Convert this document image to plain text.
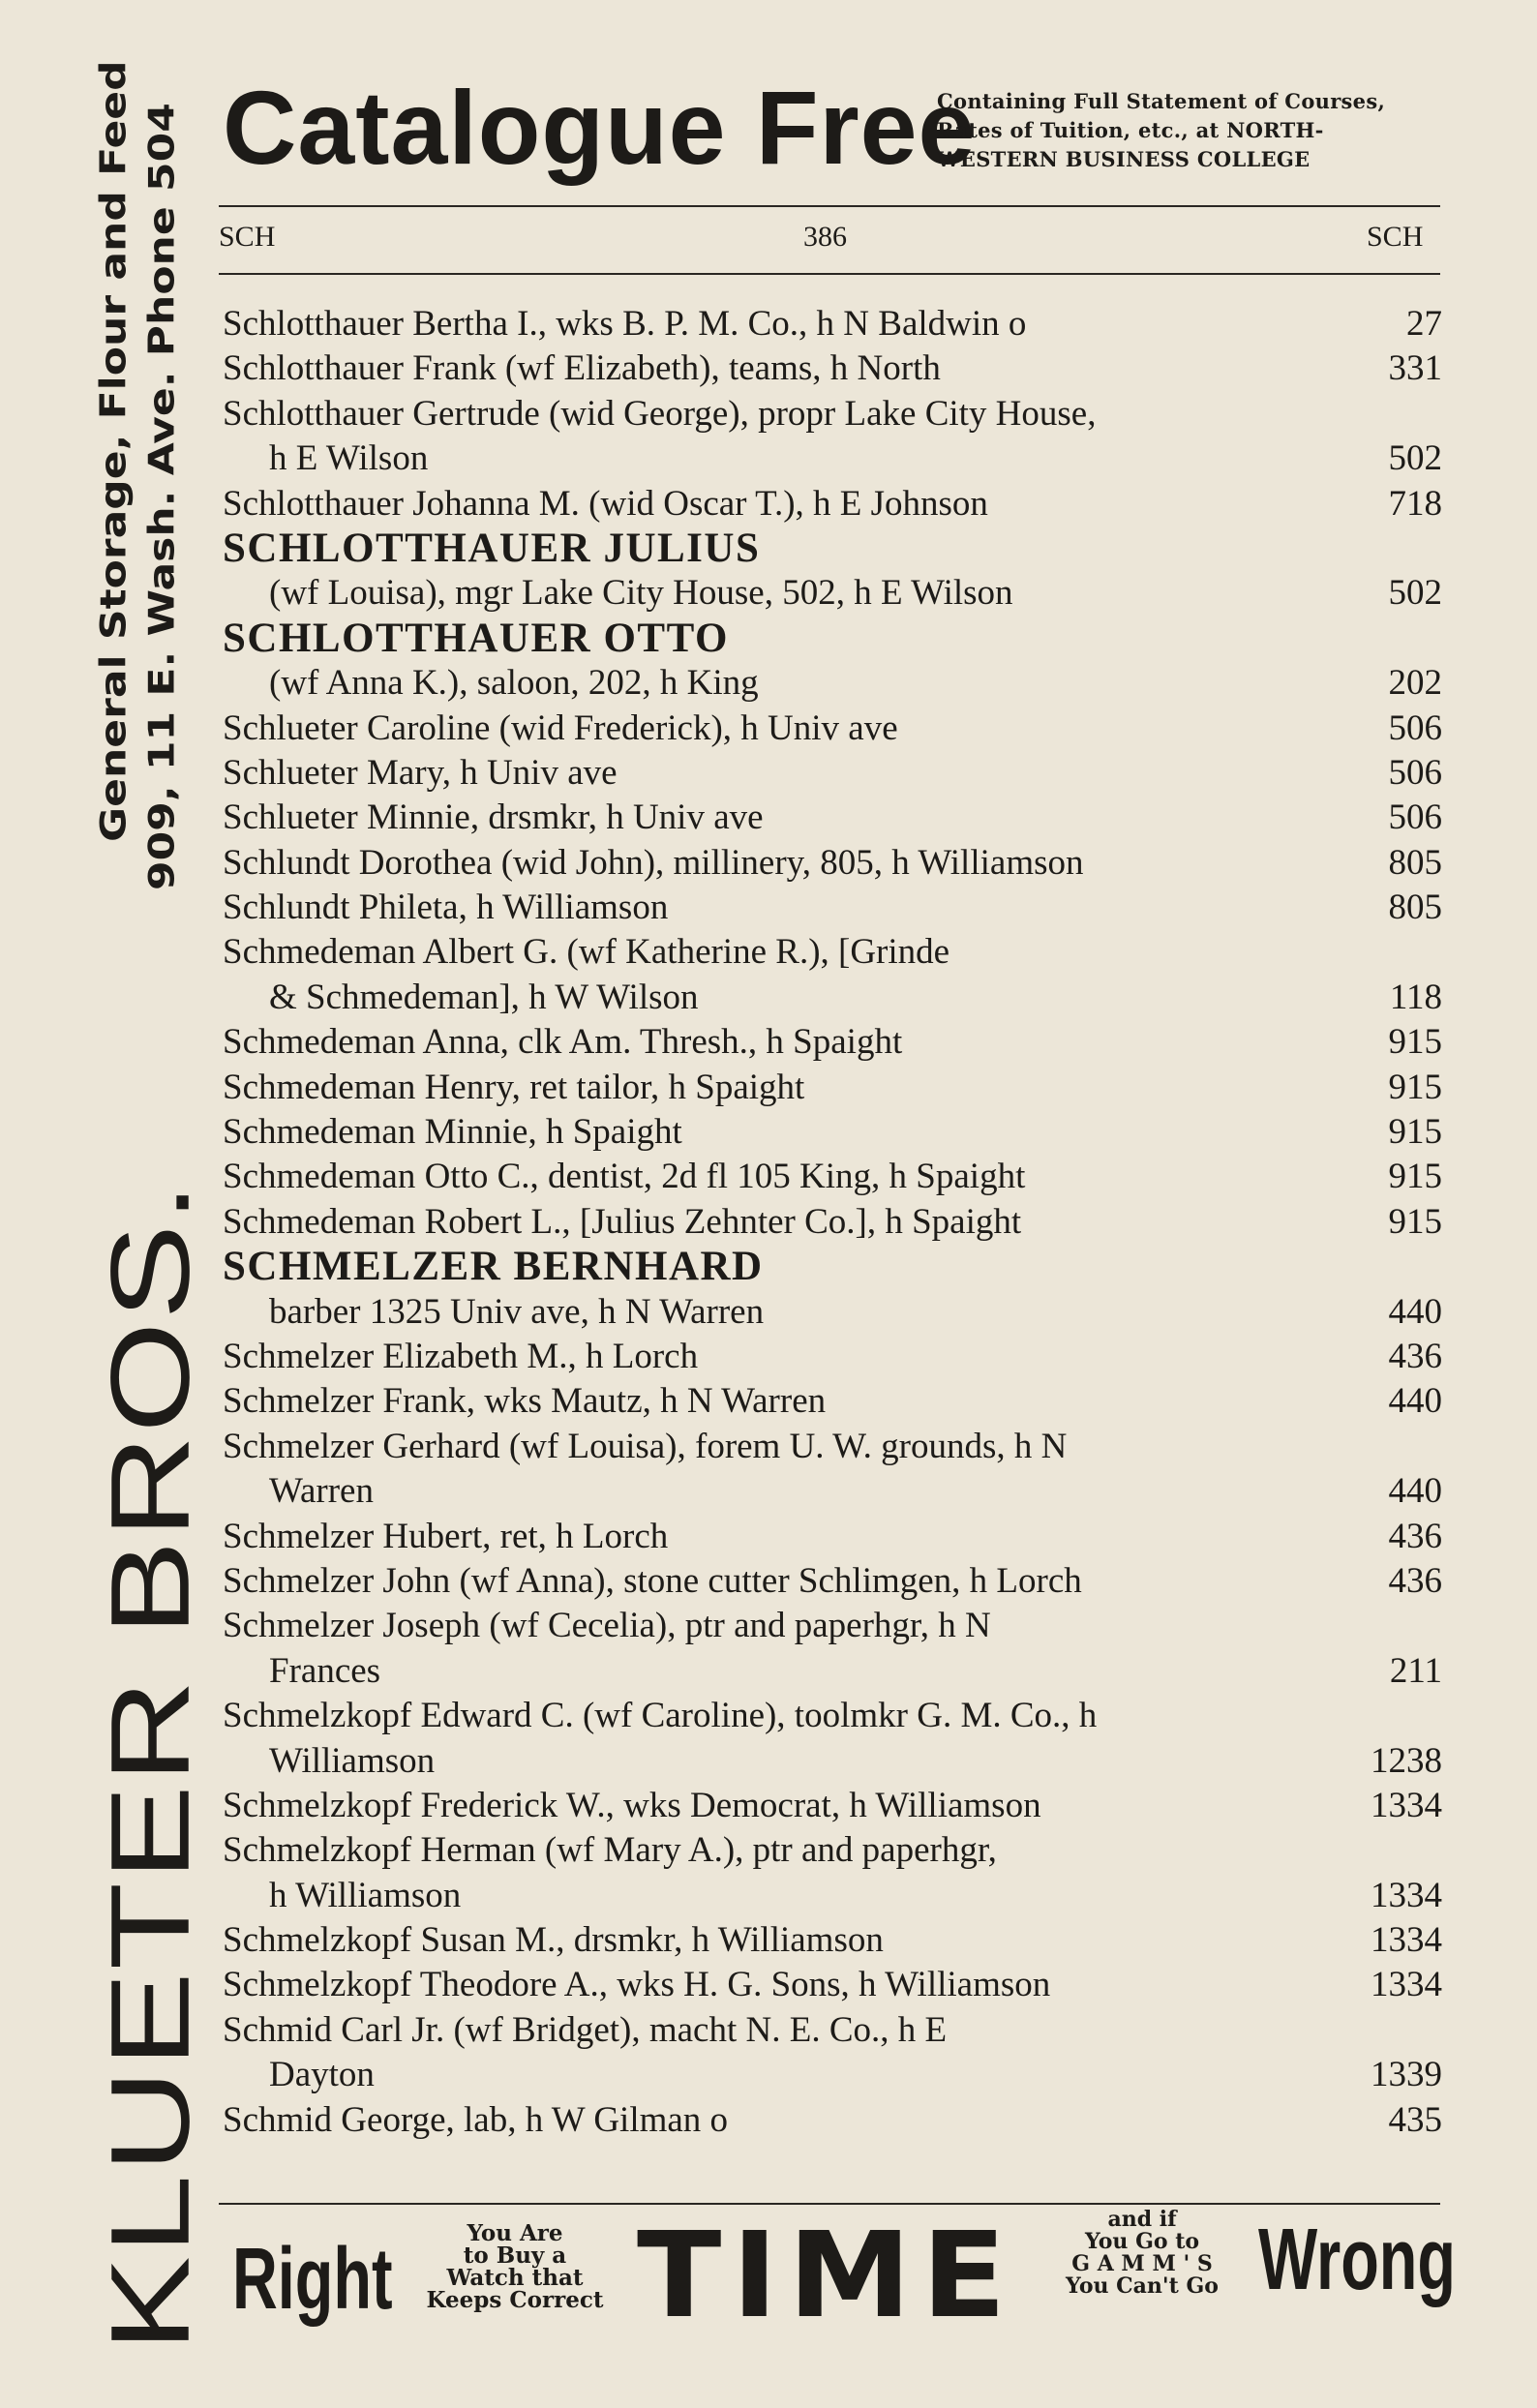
KLUETER BROS.
General Storage, Flour and Feed 909, 11 E. Wash. Ave. Phone 504 Catalogue Free
Containing Full Statement of Courses,
Rates of Tuition, etc., at NORTH-
WESTERN BUSINESS COLLEGE
SCH	386	SCH
Schlotthauer Bertha I., wks B. P. M. Co., h N Baldwin o	27
Schlotthauer Frank (wf Elizabeth), teams, h North	331
Schlotthauer Gertrude (wid George), propr Lake City House,
h E Wilson	502
Schlotthauer Johanna M. (wid Oscar T.), h E Johnson	718
SCHLOTTHAUER JULIUS
(wf Louisa), mgr Lake City House, 502, h E Wilson	502
SCHLOTTHAUER OTTO
(wf Anna K.), saloon, 202, h King	202
Schlueter Caroline (wid Frederick), h Univ ave	506
Schlueter Mary, h Univ ave	506
Schlueter Minnie, drsmkr, h Univ ave	506
Schlundt Dorothea (wid John), millinery, 805, h Williamson	805
Schlundt Phileta, h Williamson	805
Schmedeman Albert G. (wf Katherine R.), [Grinde
& Schmedeman], h W Wilson	118
Schmedeman Anna, clk Am. Thresh., h Spaight	915
Schmedeman Henry, ret tailor, h Spaight	915
Schmedeman Minnie, h Spaight	915
Schmedeman Otto C., dentist, 2d fl 105 King, h Spaight	915
Schmedeman Robert L., [Julius Zehnter Co.], h Spaight	915
SCHMELZER BERNHARD
barber 1325 Univ ave, h N Warren	440
Schmelzer Elizabeth M., h Lorch	436
Schmelzer Frank, wks Mautz, h N Warren	440
Schmelzer Gerhard (wf Louisa), forem U. W. grounds, h N
Warren	440
Schmelzer Hubert, ret, h Lorch	436
Schmelzer John (wf Anna), stone cutter Schlimgen, h Lorch	436
Schmelzer Joseph (wf Cecelia), ptr and paperhgr, h N
Frances	211
Schmelzkopf Edward C. (wf Caroline), toolmkr G. M. Co., h
Williamson	1238
Schmelzkopf Frederick W., wks Democrat, h Williamson	1334
Schmelzkopf Herman (wf Mary A.), ptr and paperhgr,
h Williamson	1334
Schmelzkopf Susan M., drsmkr, h Williamson	1334
Schmelzkopf Theodore A., wks H. G. Sons, h Williamson	1334
Schmid Carl Jr. (wf Bridget), macht N. E. Co., h E
Dayton	1339
Schmid George, lab, h W Gilman o	435
Right	You Are
to Buy a
Watch that
Keeps Correct TIME	and if
You Go to
G A M M ' S
You Can't Go Wrong
